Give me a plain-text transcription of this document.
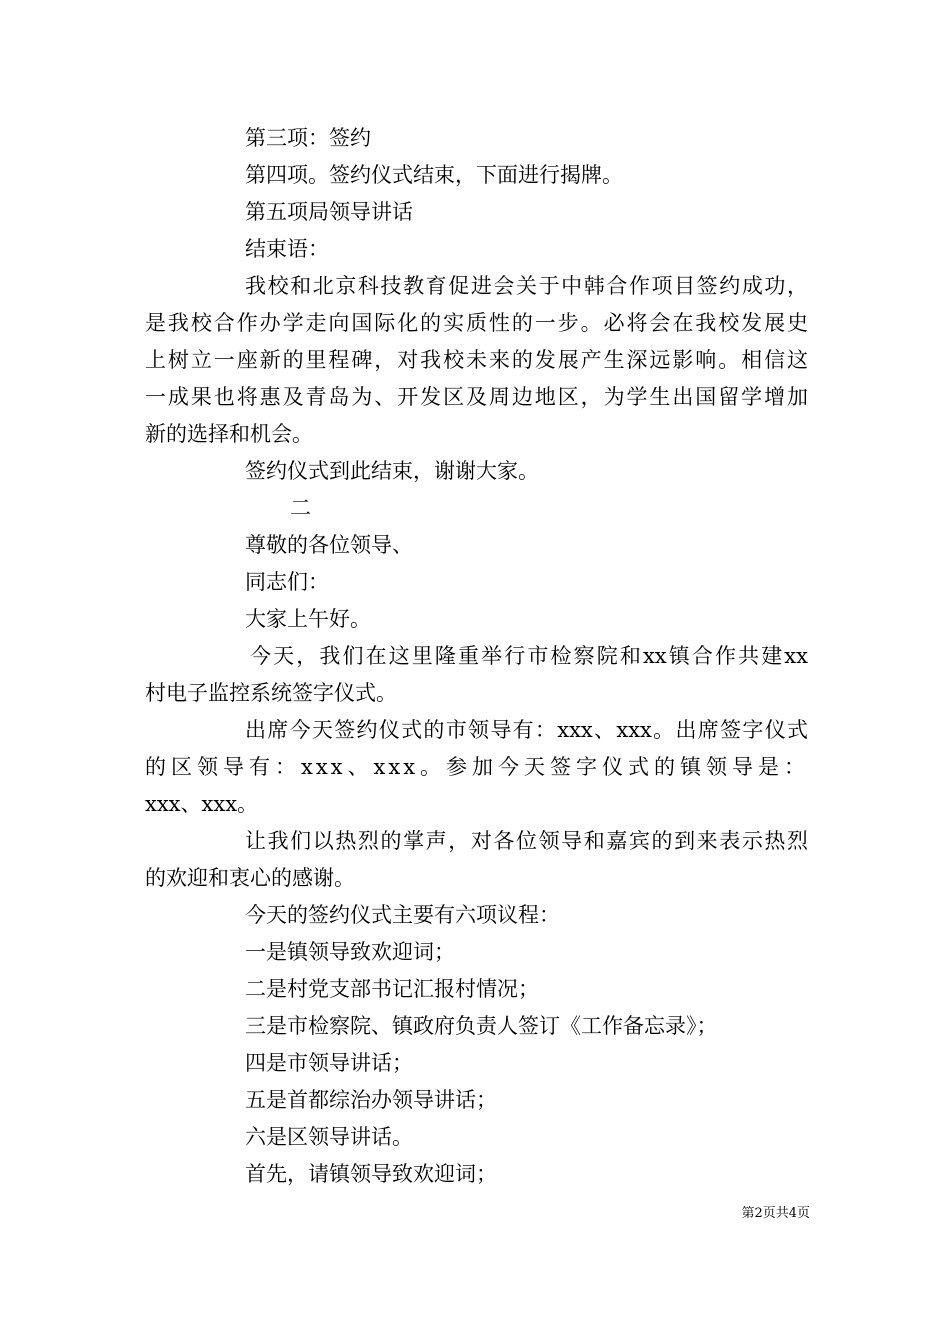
第三项：签约
第四项。签约仪式结束，下面进行揭牌。
第五项局领导讲话
结束语：
我校和北京科技教育促进会关于中韩合作项目签约成功，
是我校合作办学走向国际化的实质性的一步。必将会在我校发展史
上树立一座新的里程碑，对我校未来的发展产生深远影响。相信这
一成果也将惠及青岛为、开发区及周边地区，为学生出国留学增加
新的选择和机会。
签约仪式到此结束，谢谢大家。
二
尊敬的各位领导、
同志们：
大家上午好。
今天，我们在这里隆重举行市检察院和xx镇合作共建xx
村电子监控系统签字仪式。
出席今天签约仪式的市领导有：xxx、xxx。出席签字仪式
的区领导有：xxx、xxx。参加今天签字仪式的镇领导是：
xxx、xxx。
让我们以热烈的掌声，对各位领导和嘉宾的到来表示热烈
的欢迎和衷心的感谢。
今天的签约仪式主要有六项议程：
一是镇领导致欢迎词；
二是村党支部书记汇报村情况；
三是市检察院、镇政府负责人签订《工作备忘录》；
四是市领导讲话；
五是首都综治办领导讲话；
六是区领导讲话。
首先，请镇领导致欢迎词；
第2页共4页
